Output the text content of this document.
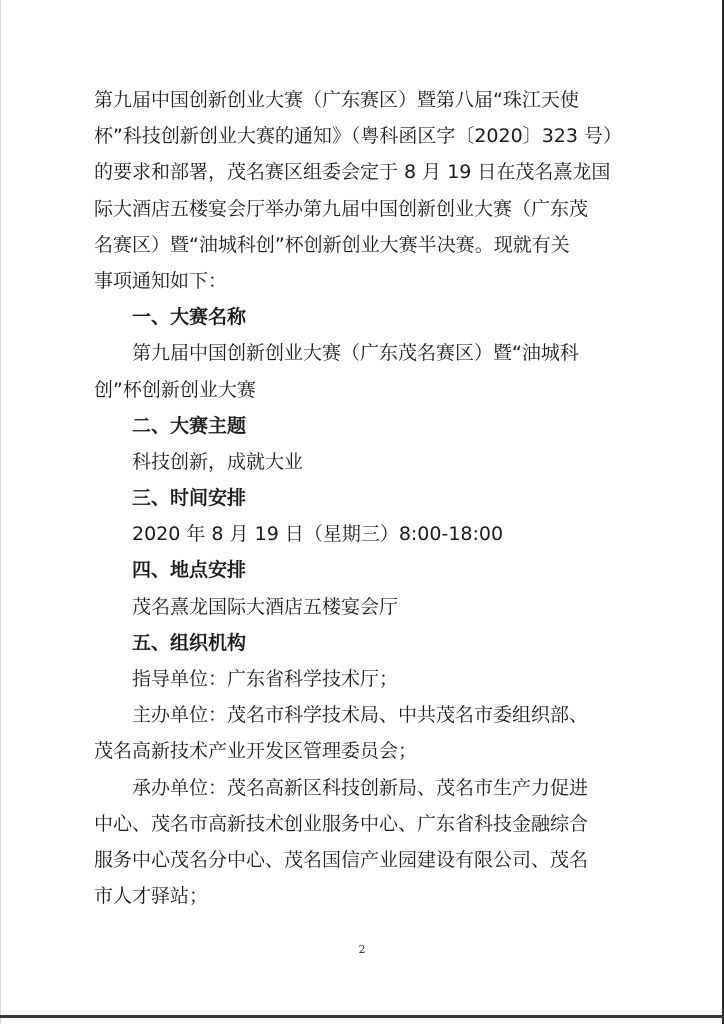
第九届中国创新创业大赛（广东赛区）暨第八届“珠江天使
杯”科技创新创业大赛的通知》（粤科函区字〔2020〕323 号）
的要求和部署，茂名赛区组委会定于 8 月 19 日在茂名熹龙国
际大酒店五楼宴会厅举办第九届中国创新创业大赛（广东茂
名赛区）暨“油城科创”杯创新创业大赛半决赛。现就有关
事项通知如下：
一、大赛名称
第九届中国创新创业大赛（广东茂名赛区）暨“油城科
创”杯创新创业大赛
二、大赛主题
科技创新，成就大业
三、时间安排
2020 年 8 月 19 日（星期三）8:00-18:00
四、地点安排
茂名熹龙国际大酒店五楼宴会厅
五、组织机构
指导单位：广东省科学技术厅；
主办单位：茂名市科学技术局、中共茂名市委组织部、
茂名高新技术产业开发区管理委员会；
承办单位：茂名高新区科技创新局、茂名市生产力促进
中心、茂名市高新技术创业服务中心、广东省科技金融综合
服务中心茂名分中心、茂名国信产业园建设有限公司、茂名
市人才驿站；
2
